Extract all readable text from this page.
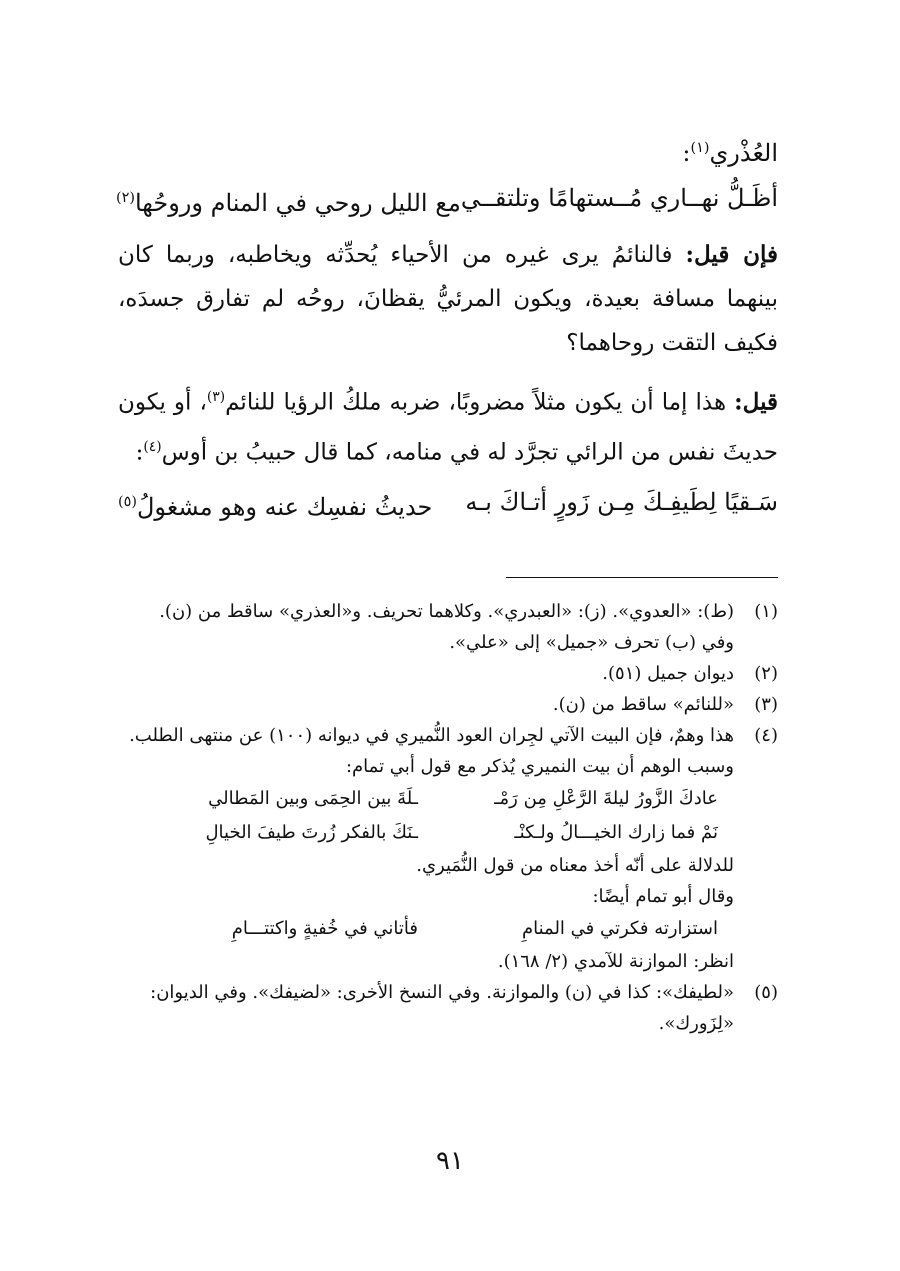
العُذْري$^{(١)}$:

أظَـلُّ نهــاري مُــستهامًا وتلتقــي
مع الليل روحي في المنام وروحُها$^{(٢)}$

فإن قيل: فالنائمُ يرى غيره من الأحياء يُحدِّثه ويخاطبه، وربما كان بينهما مسافة بعيدة، ويكون المرئيُّ يقظانَ، روحُه لم تفارق جسدَه، فكيف التقت روحاهما؟

قيل: هذا إما أن يكون مثلاً مضروبًا، ضربه ملكُ الرؤيا للنائم$^{(٣)}$، أو يكون حديثَ نفس من الرائي تجرَّد له في منامه، كما قال حبيبُ بن أوس$^{(٤)}$:

سَـقيًا لِطَيفِـكَ مِـن زَورٍ أتـاكَ بـه
حديثُ نفسِك عنه وهو مشغولُ$^{(٥)}$

(١)
(ط): «العدوي». (ز): «العبدري». وكلاهما تحريف. و«العذري» ساقط من (ن).

وفي (ب) تحرف «جميل» إلى «علي».

(٢)
ديوان جميل (٥١).

(٣)
«للنائم» ساقط من (ن).

(٤)
هذا وهمٌ، فإن البيت الآتي لجِران العود النُّميري في ديوانه (١٠٠) عن منتهى الطلب. وسبب الوهم أن بيت النميري يُذكر مع قول أبي تمام:

عادكَ الزَّورُ ليلةَ الرَّعْلِ مِن رَمْـ
ـلَةَ بين الحِمَى وبين المَطالي
نَمْ فما زارك الخيـــالُ ولـكنْـ
ـنَكَ بالفكر زُرتَ طيفَ الخيالِ
للدلالة على أنّه أخذ معناه من قول النُّمَيري.
وقال أبو تمام أيضًا:
استزارته فكرتي في المنامِ
فأتاني في خُفيةٍ واكتتـــامِ
انظر: الموازنة للآمدي (٢/ ١٦٨).

(٥)
«لطيفك»: كذا في (ن) والموازنة. وفي النسخ الأخرى: «لضيفك». وفي الديوان: «لِزَورك».

٩١
